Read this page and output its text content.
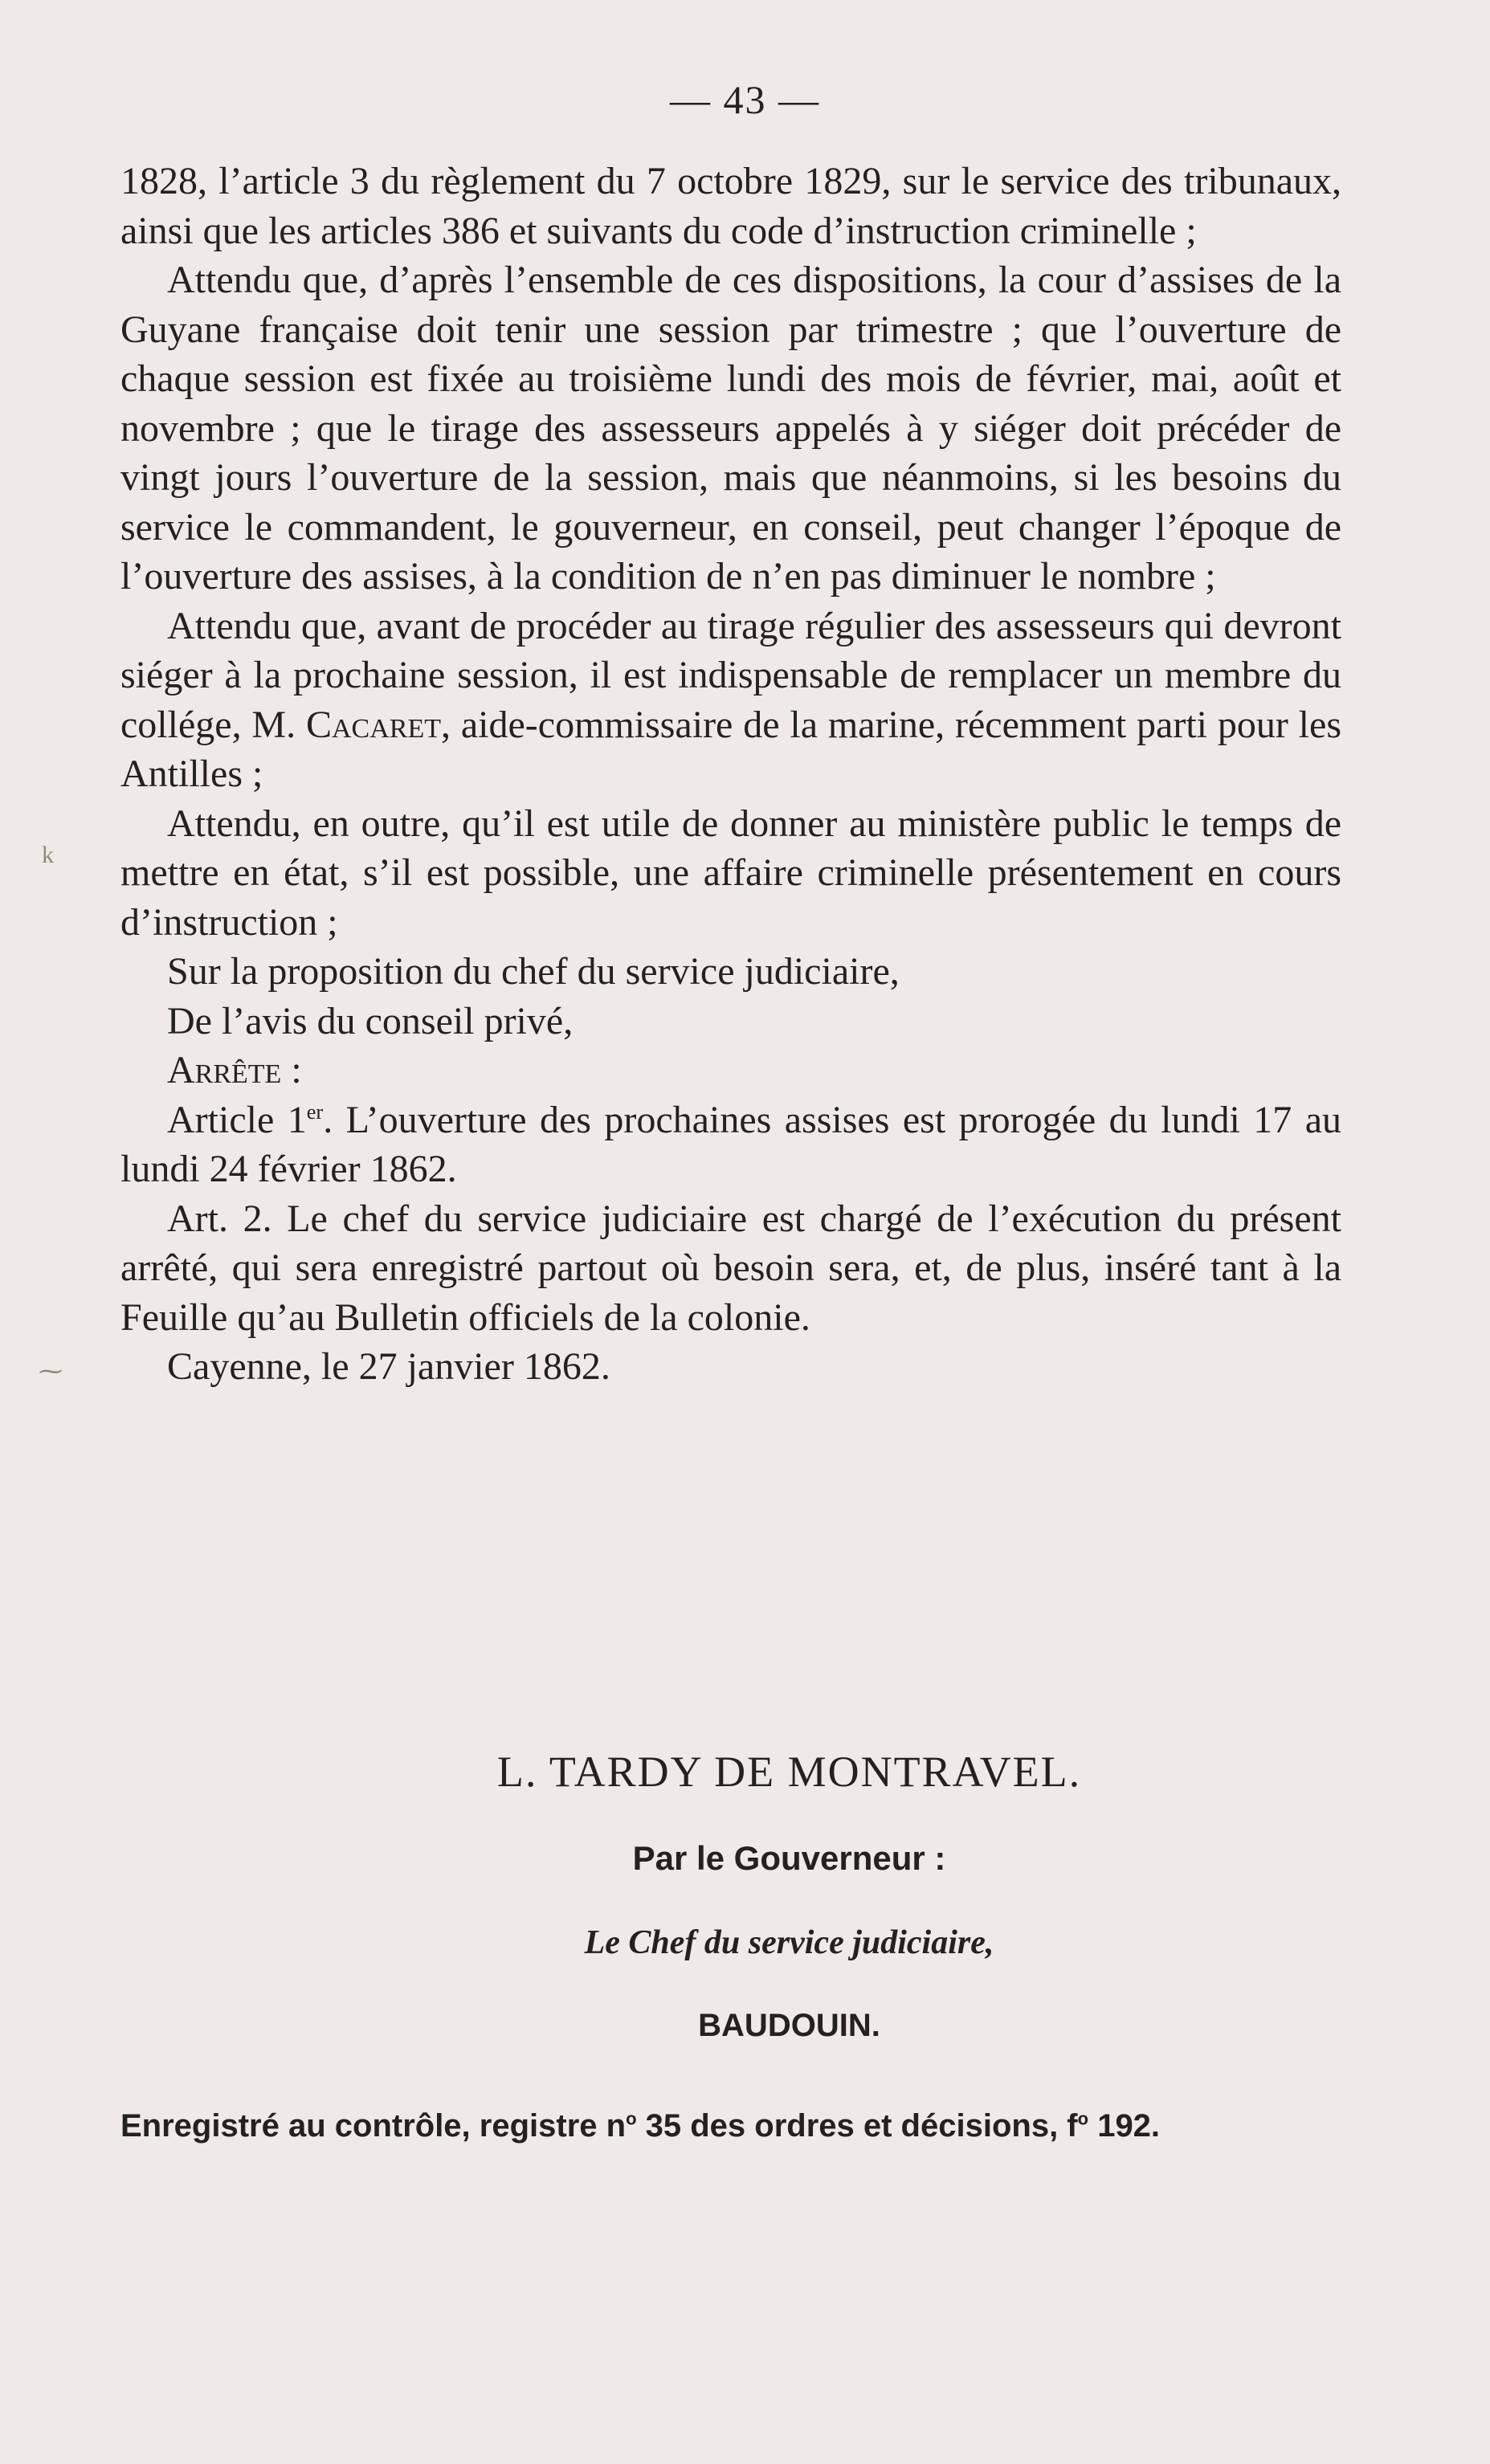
— 43 —
k
⁓

1828, l’article 3 du règlement du 7 octobre 1829, sur le service des tribunaux, ainsi que les articles 386 et suivants du code d’instruction criminelle ;

Attendu que, d’après l’ensemble de ces dispositions, la cour d’assises de la Guyane française doit tenir une session par trimestre ; que l’ouverture de chaque session est fixée au troisième lundi des mois de février, mai, août et novembre ; que le tirage des assesseurs appelés à y siéger doit précéder de vingt jours l’ouverture de la session, mais que néanmoins, si les besoins du service le commandent, le gouverneur, en conseil, peut changer l’époque de l’ouverture des assises, à la condition de n’en pas diminuer le nombre ;

Attendu que, avant de procéder au tirage régulier des assesseurs qui devront siéger à la prochaine session, il est indispensable de remplacer un membre du collége, M. Cacaret, aide-commissaire de la marine, récemment parti pour les Antilles ;

Attendu, en outre, qu’il est utile de donner au ministère public le temps de mettre en état, s’il est possible, une affaire criminelle présentement en cours d’instruction ;

Sur la proposition du chef du service judiciaire,

De l’avis du conseil privé,

Arrête :

Article 1er. L’ouverture des prochaines assises est prorogée du lundi 17 au lundi 24 février 1862.

Art. 2. Le chef du service judiciaire est chargé de l’exécution du présent arrêté, qui sera enregistré partout où besoin sera, et, de plus, inséré tant à la Feuille qu’au Bulletin officiels de la colonie.

Cayenne, le 27 janvier 1862.

L. TARDY DE MONTRAVEL.
Par le Gouverneur :
Le Chef du service judiciaire,
BAUDOUIN.
Enregistré au contrôle, registre $n^o$ 35 des ordres et décisions, $f^o$ 192.
